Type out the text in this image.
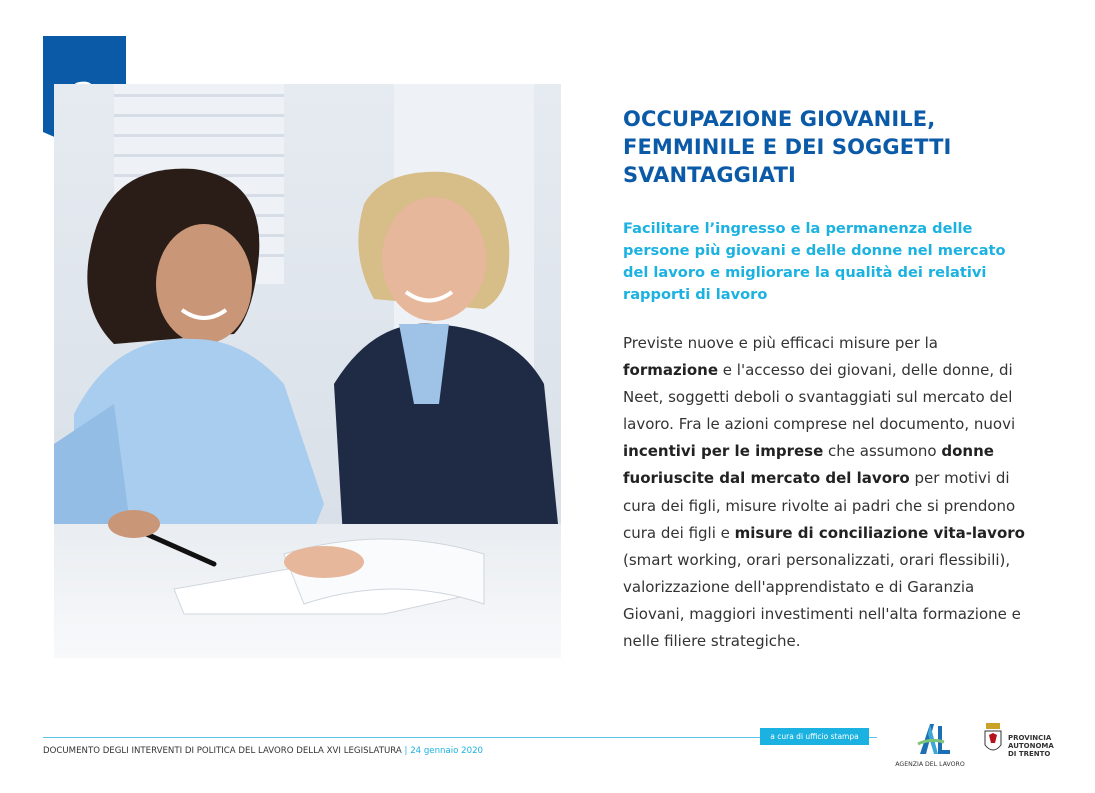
OCCUPAZIONE GIOVANILE, FEMMINILE E DEI SOGGETTI SVANTAGGIATI

Facilitare l’ingresso e la permanenza delle persone più giovani e delle donne nel mercato del lavoro e migliorare la qualità dei relativi rapporti di lavoro

Previste nuove e più efficaci misure per la formazione e l'accesso dei giovani, delle donne, di Neet, soggetti deboli o svantaggiati sul mercato del lavoro. Fra le azioni comprese nel documento, nuovi incentivi per le imprese che assumono donne fuoriuscite dal mercato del lavoro per motivi di cura dei figli, misure rivolte ai padri che si prendono cura dei figli e misure di conciliazione vita-lavoro (smart working, orari personalizzati, orari flessibili), valorizzazione dell'apprendistato e di Garanzia Giovani, maggiori investimenti nell'alta formazione e nelle filiere strategiche.

a cura di ufficio stampa
DOCUMENTO DEGLI INTERVENTI DI POLITICA DEL LAVORO DELLA XVI LEGISLATURA | 24 gennaio 2020
AGENZIA DEL LAVORO
PROVINCIA
AUTONOMA
DI TRENTO
